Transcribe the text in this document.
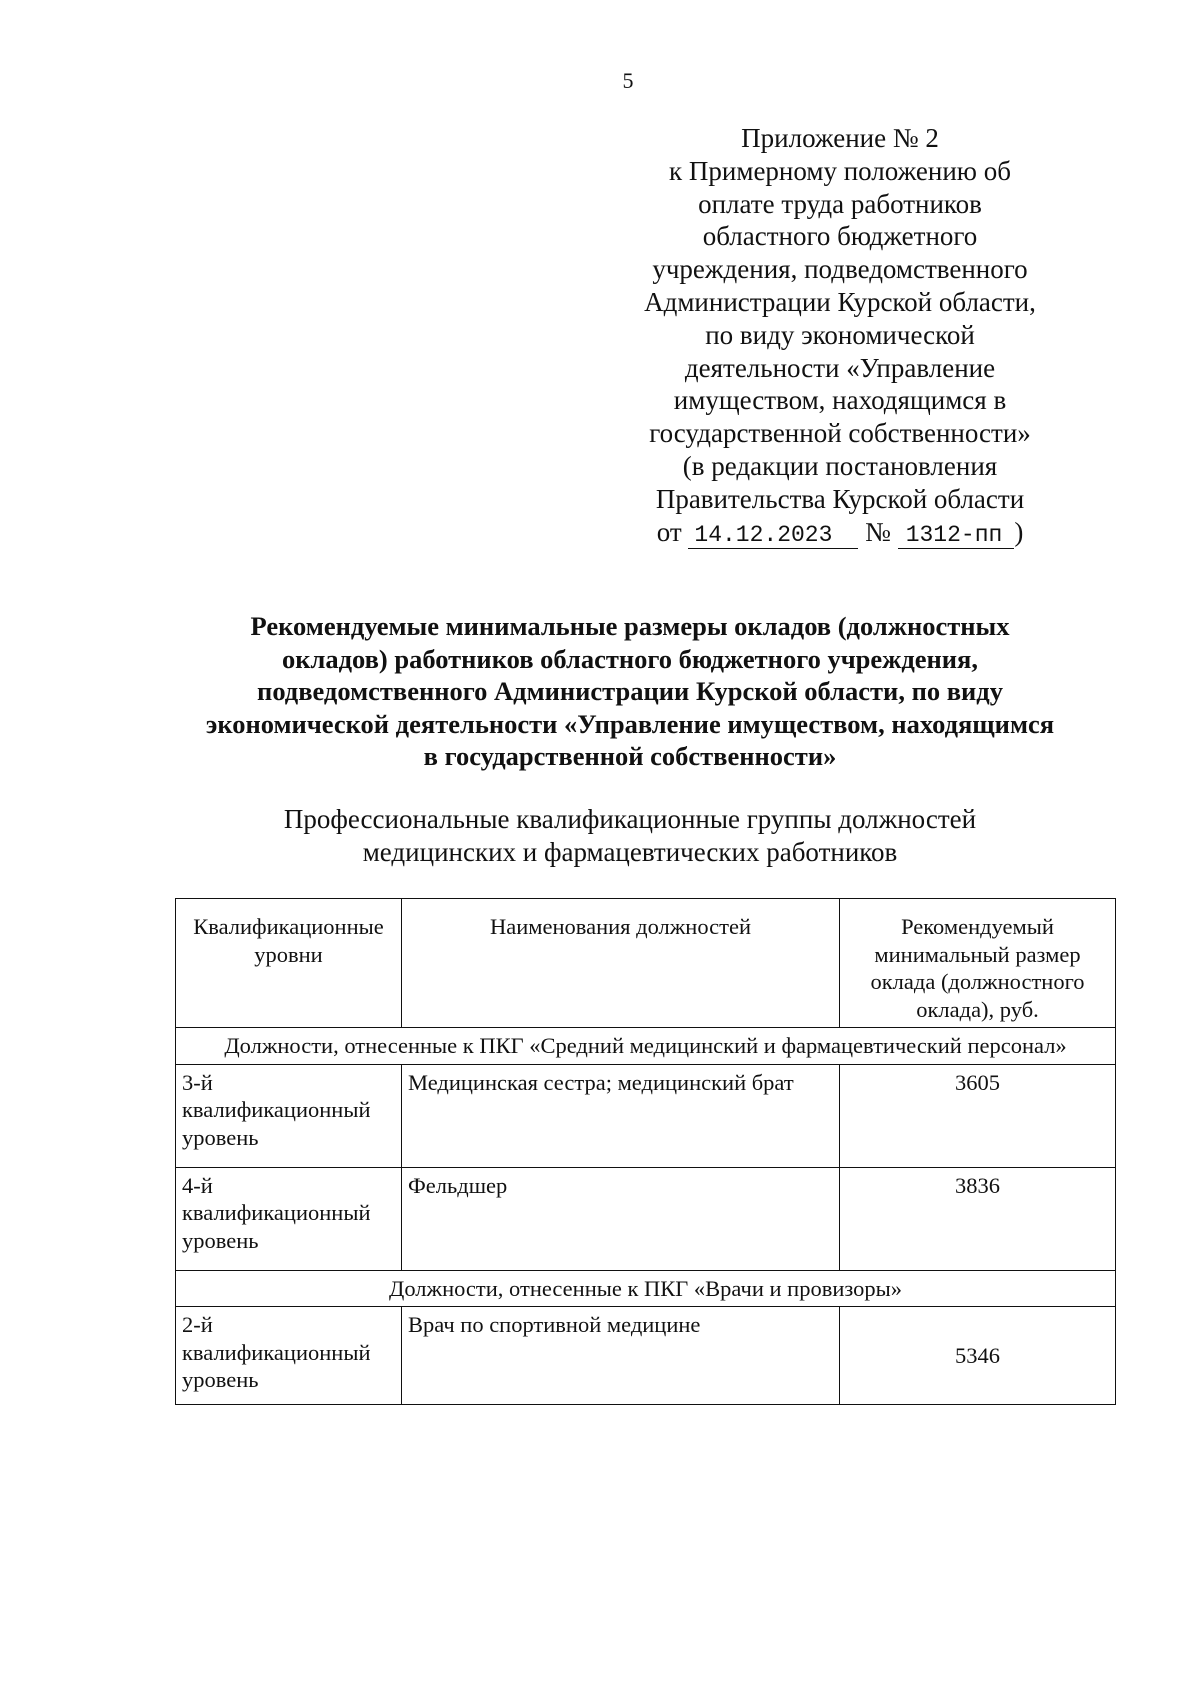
5
Приложение № 2
к Примерному положению об
оплате труда работников
областного бюджетного
учреждения, подведомственного
Администрации Курской области,
по виду экономической
деятельности «Управление
имуществом, находящимся в
государственной собственности»
(в редакции постановления
Правительства Курской области
от 14.12.2023 № 1312-пп )
Рекомендуемые минимальные размеры окладов (должностных
окладов) работников областного бюджетного учреждения,
подведомственного Администрации Курской области, по виду
экономической деятельности «Управление имуществом, находящимся
в государственной собственности»
Профессиональные квалификационные группы должностей
медицинских и фармацевтических работников
Квалификационные уровни	Наименования должностей	Рекомендуемый минимальный размер оклада (должностного оклада), руб.
Должности, отнесенные к ПКГ «Средний медицинский и фармацевтический персонал»		
3-й квалификационный уровень	Медицинская сестра; медицинский брат	3605
4-й квалификационный уровень	Фельдшер	3836
Должности, отнесенные к ПКГ «Врачи и провизоры»		
2-й квалификационный уровень	Врач по спортивной медицине	5346
